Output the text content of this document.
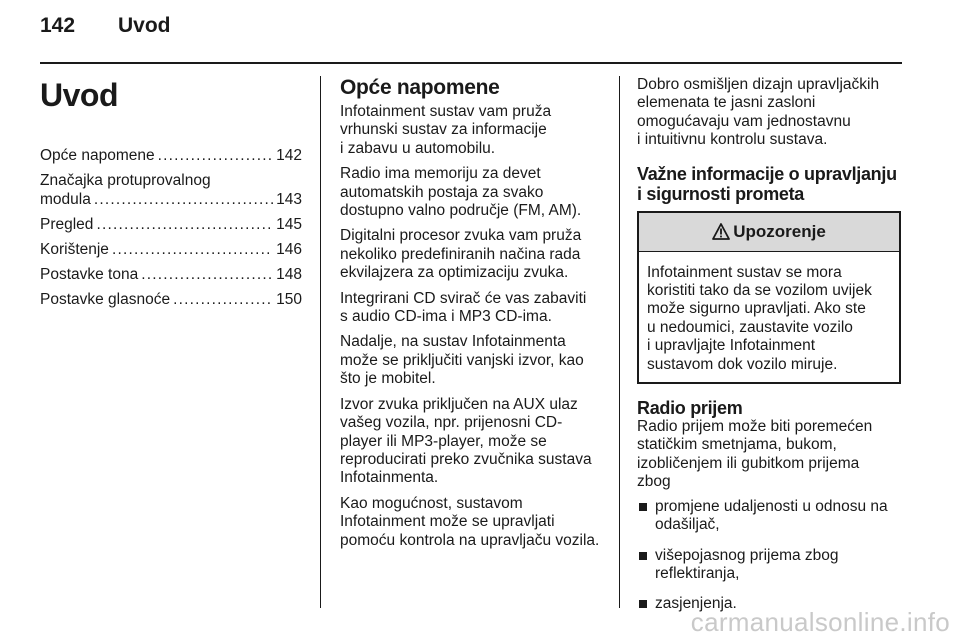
142	Uvod
Uvod
Opće napomene .....	142
Značajka protuprovalnog
modula .....	143
Pregled .....	145
Korištenje .....	146
Postavke tona .....	148
Postavke glasnoće .....	150
Opće napomene

Infotainment sustav vam pruža
vrhunski sustav za informacije
i zabavu u automobilu.

Radio ima memoriju za devet
automatskih postaja za svako
dostupno valno područje (FM, AM).

Digitalni procesor zvuka vam pruža
nekoliko predefiniranih načina rada
ekvilajzera za optimizaciju zvuka.

Integrirani CD svirač će vas zabaviti
s audio CD-ima i MP3 CD-ima.

Nadalje, na sustav Infotainmenta
može se priključiti vanjski izvor, kao
što je mobitel.

Izvor zvuka priključen na AUX ulaz
vašeg vozila, npr. prijenosni CD-
player ili MP3-player, može se
reproducirati preko zvučnika sustava
Infotainmenta.

Kao mogućnost, sustavom
Infotainment može se upravljati
pomoću kontrola na upravljaču vozila.

Dobro osmišljen dizajn upravljačkih
elemenata te jasni zasloni
omogućavaju vam jednostavnu
i intuitivnu kontrolu sustava.

Važne informacije o upravljanju
i sigurnosti prometa
Upozorenje
Infotainment sustav se mora
koristiti tako da se vozilom uvijek
može sigurno upravljati. Ako ste
u nedoumici, zaustavite vozilo
i upravljajte Infotainment
sustavom dok vozilo miruje.
Radio prijem

Radio prijem može biti poremećen
statičkim smetnjama, bukom,
izobličenjem ili gubitkom prijema
zbog

promjene udaljenosti u odnosu na
odašiljač,
višepojasnog prijema zbog
reflektiranja,
zasjenjenja.
carmanualsonline.info
